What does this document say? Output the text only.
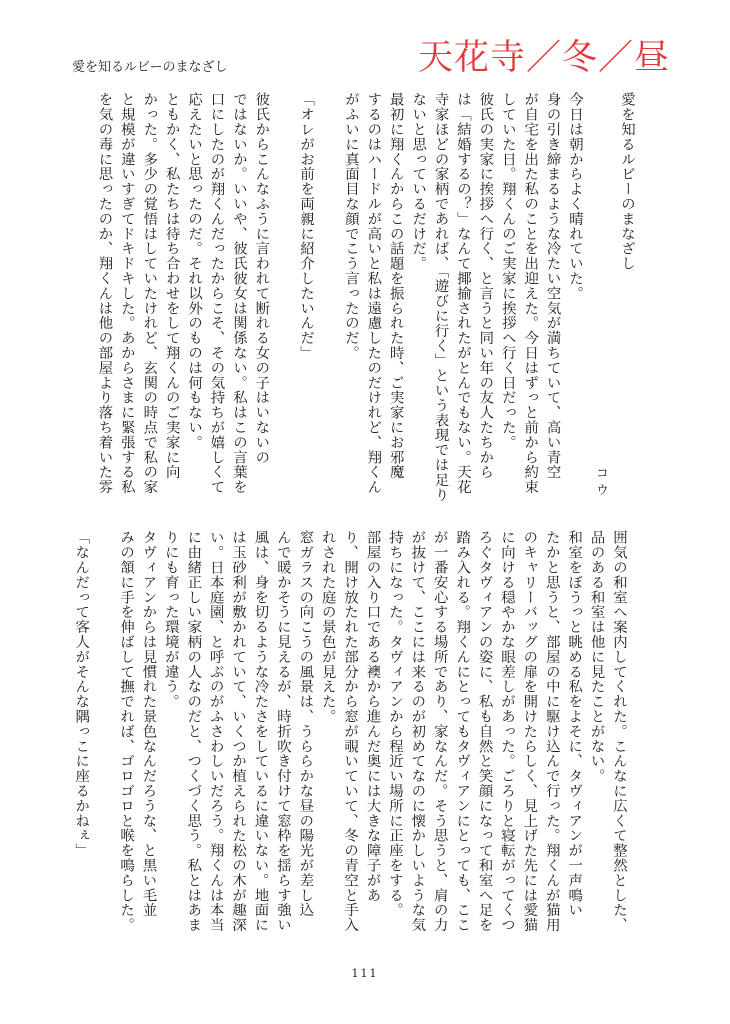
天花寺／冬／昼
愛を知るルビーのまなざし

愛を知るルビーのまなざし

コウ

今日は朝からよく晴れていた。

身の引き締まるような冷たい空気が満ちていて、高い青空

が自宅を出た私のことを出迎えた。今日はずっと前から約束

していた日。翔くんのご実家に挨拶へ行く日だった。

彼氏の実家に挨拶へ行く、と言うと同い年の友人たちから

は「結婚するの？」なんて揶揄されたがとんでもない。天花

寺家ほどの家柄であれば、「遊びに行く」という表現では足り

ないと思っているだけだ。

最初に翔くんからこの話題を振られた時、ご実家にお邪魔

するのはハードルが高いと私は遠慮したのだけれど、翔くん

がふいに真面目な顔でこう言ったのだ。

「オレがお前を両親に紹介したいんだ」

彼氏からこんなふうに言われて断れる女の子はいないの

ではないか。いいや、彼氏彼女は関係ない。私はこの言葉を

口にしたのが翔くんだったからこそ、その気持ちが嬉しくて

応えたいと思ったのだ。それ以外のものは何もない。

ともかく、私たちは待ち合わせをして翔くんのご実家に向

かった。多少の覚悟はしていたけれど、玄関の時点で私の家

と規模が違いすぎてドキドキした。あからさまに緊張する私

を気の毒に思ったのか、翔くんは他の部屋より落ち着いた雰

囲気の和室へ案内してくれた。こんなに広くて整然とした、

品のある和室は他に見たことがない。

和室をぼうっと眺める私をよそに、タヴィアンが一声鳴い

たかと思うと、部屋の中に駆け込んで行った。翔くんが猫用

のキャリーバッグの扉を開けたらしく、見上げた先には愛猫

に向ける穏やかな眼差しがあった。ごろりと寝転がってくつ

ろぐタヴィアンの姿に、私も自然と笑顔になって和室へ足を

踏み入れる。翔くんにとってもタヴィアンにとっても、ここ

が一番安心する場所であり、家なんだ。そう思うと、肩の力

が抜けて、ここには来るのが初めてなのに懐かしいような気

持ちになった。タヴィアンから程近い場所に正座をする。

部屋の入り口である襖から進んだ奥には大きな障子があ

り、開け放たれた部分から窓が覗いていて、冬の青空と手入

れされた庭の景色が見えた。

窓ガラスの向こうの風景は、うららかな昼の陽光が差し込

んで暖かそうに見えるが、時折吹き付けて窓枠を揺らす強い

風は、身を切るような冷たさをしているに違いない。地面に

は玉砂利が敷かれていて、いくつか植えられた松の木が趣深

い。日本庭園、と呼ぶのがふさわしいだろう。翔くんは本当

に由緒正しい家柄の人なのだと、つくづく思う。私とはあま

りにも育った環境が違う。

タヴィアンからは見慣れた景色なんだろうな、と黒い毛並

みの頷に手を伸ばして撫でれば、ゴロゴロと喉を鳴らした。

「なんだって客人がそんな隅っこに座るかねぇ」

111
